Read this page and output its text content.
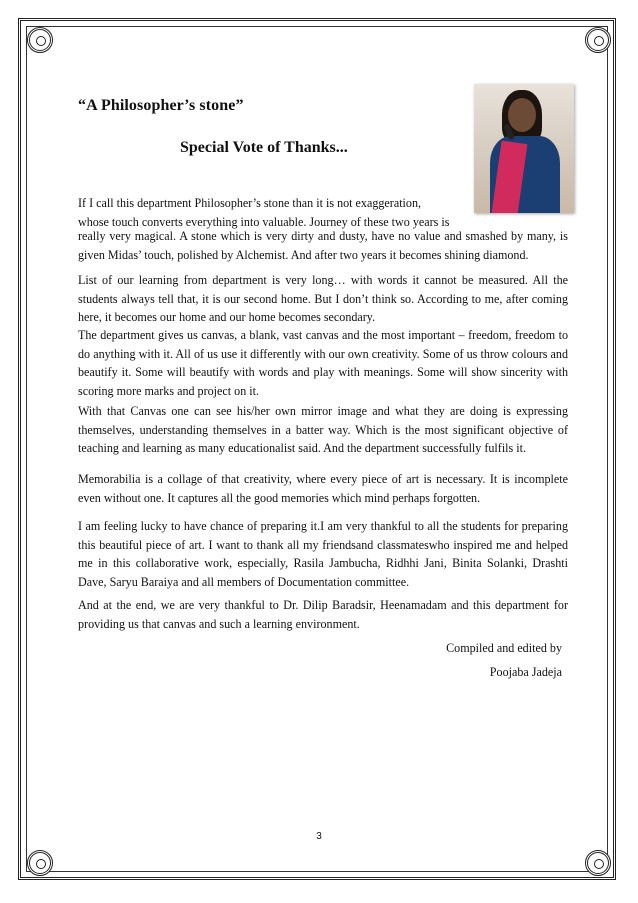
“A Philosopher’s stone”
Special Vote of Thanks...
If I call this department Philosopher’s stone than it is not exaggeration,
whose touch converts everything into valuable. Journey of these two years is
really very magical. A stone which is very dirty and dusty, have no value and smashed by many, is given Midas’ touch, polished by Alchemist. And after two years it becomes shining diamond.

List of our learning from department is very long… with words it cannot be measured. All the students always tell that, it is our second home. But I don’t think so. According to me, after coming here, it becomes our home and our home becomes secondary.

The department gives us canvas, a blank, vast canvas and the most important – freedom, freedom to do anything with it. All of us use it differently with our own creativity. Some of us throw colours and beautify it. Some will beautify with words and play with meanings. Some will show sincerity with scoring more marks and project on it.

With that Canvas one can see his/her own mirror image and what they are doing is expressing themselves, understanding themselves in a batter way. Which is the most significant objective of teaching and learning as many educationalist said. And the department successfully fulfils it.

Memorabilia is a collage of that creativity, where every piece of art is necessary. It is incomplete even without one. It captures all the good memories which mind perhaps forgotten.

I am feeling lucky to have chance of preparing it.I am very thankful to all the students for preparing this beautiful piece of art. I want to thank all my friendsand classmateswho inspired me and helped me in this collaborative work, especially, Rasila Jambucha, Ridhhi Jani, Binita Solanki, Drashti Dave, Saryu Baraiya and all members of Documentation committee.

And at the end, we are very thankful to Dr. Dilip Baradsir, Heenamadam and this department for providing us that canvas and such a learning environment.

Compiled and edited by
Poojaba Jadeja
3
